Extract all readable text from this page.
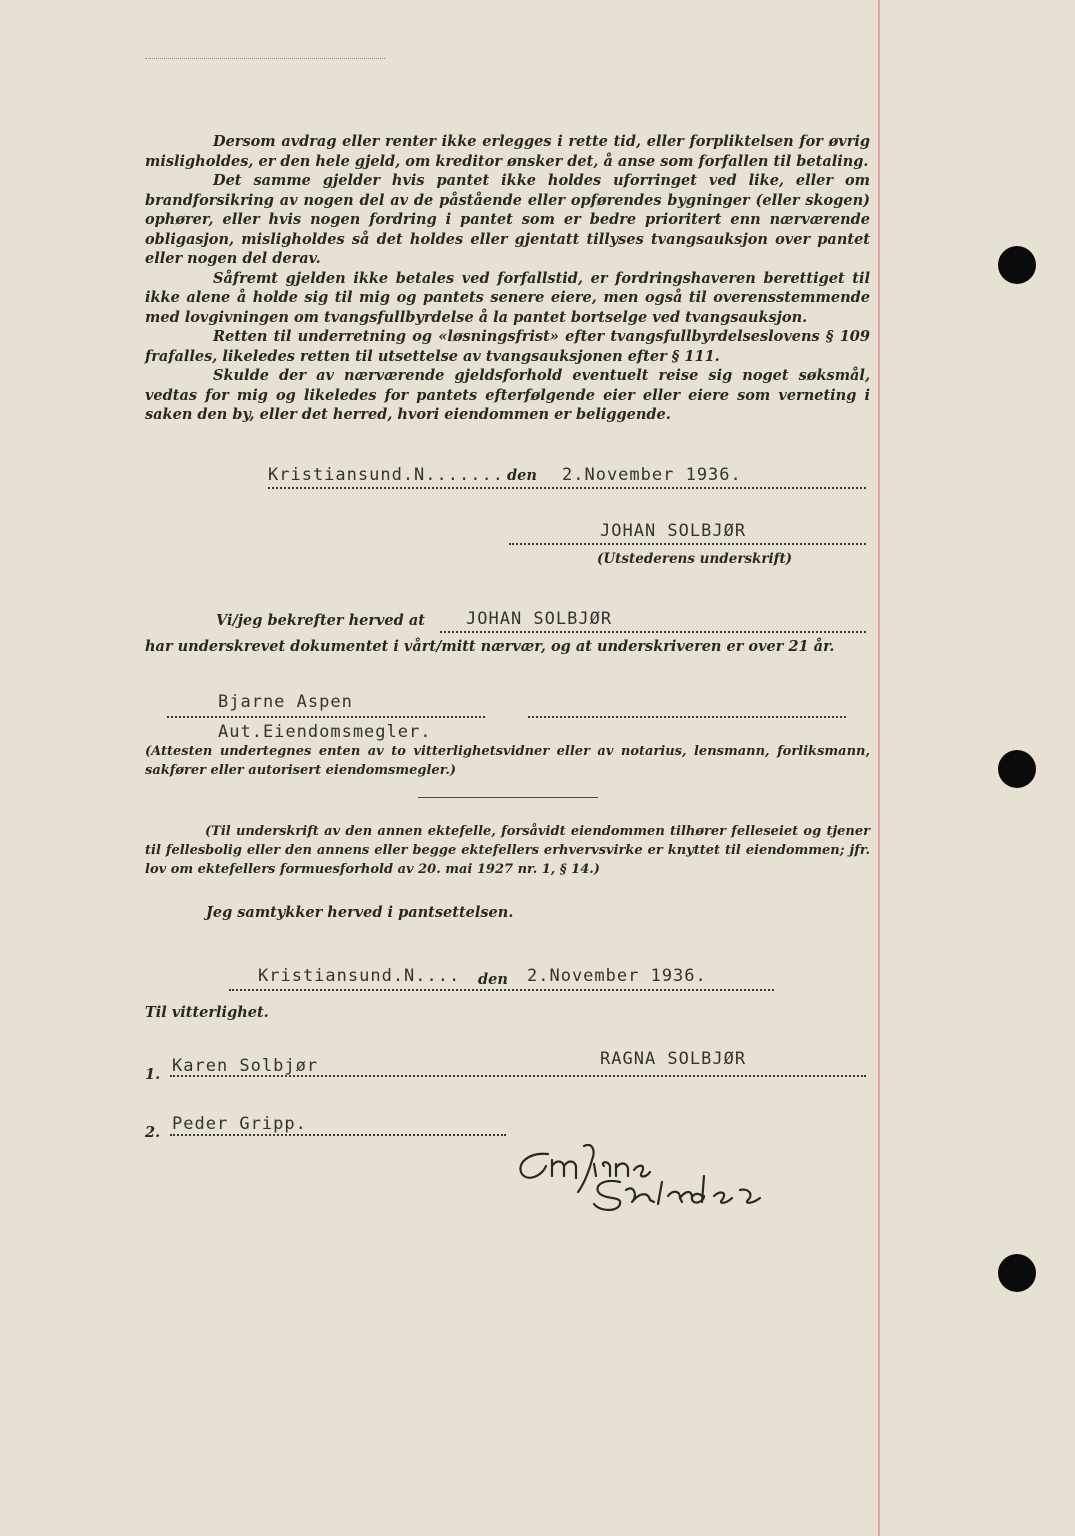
Dersom avdrag eller renter ikke erlegges i rette tid, eller forpliktelsen for øvrig misligholdes, er den hele gjeld, om kreditor ønsker det, å anse som forfallen til betaling.

Det samme gjelder hvis pantet ikke holdes uforringet ved like, eller om brandforsikring av nogen del av de påstående eller opførendes bygninger (eller skogen) ophører, eller hvis nogen fordring i pantet som er bedre prioritert enn nærværende obligasjon, misligholdes så det holdes eller gjentatt tillyses tvangsauksjon over pantet eller nogen del derav.

Såfremt gjelden ikke betales ved forfallstid, er fordringshaveren berettiget til ikke alene å holde sig til mig og pantets senere eiere, men også til overensstemmende med lovgivningen om tvangsfullbyrdelse å la pantet bortselge ved tvangsauksjon.

Retten til underretning og «løsningsfrist» efter tvangsfullbyrdelseslovens § 109 frafalles, likeledes retten til utsettelse av tvangsauksjonen efter § 111.

Skulde der av nærværende gjeldsforhold eventuelt reise sig noget søksmål, vedtas for mig og likeledes for pantets efterfølgende eier eller eiere som verneting i saken den by, eller det herred, hvori eiendommen er beliggende.

Kristiansund.N....... den 2.November 1936.
JOHAN SOLBJØR
(Utstederens underskrift)
Vi/jeg bekrefter herved at JOHAN SOLBJØR
har underskrevet dokumentet i vårt/mitt nærvær, og at underskriveren er over 21 år.
Bjarne Aspen
Aut.Eiendomsmegler.
(Attesten undertegnes enten av to vitterlighetsvidner eller av notarius, lensmann, forliksmann, sakfører eller autorisert eiendomsmegler.)
(Til underskrift av den annen ektefelle, forsåvidt eiendommen tilhører felleseiet og tjener til fellesbolig eller den annens eller begge ektefellers erhvervsvirke er knyttet til eiendommen; jfr. lov om ektefellers formuesforhold av 20. mai 1927 nr. 1, § 14.)
Jeg samtykker herved i pantsettelsen.
Kristiansund.N.... den 2.November 1936.
Til vitterlighet.
1. Karen Solbjør	RAGNA SOLBJØR
2. Peder Gripp.
